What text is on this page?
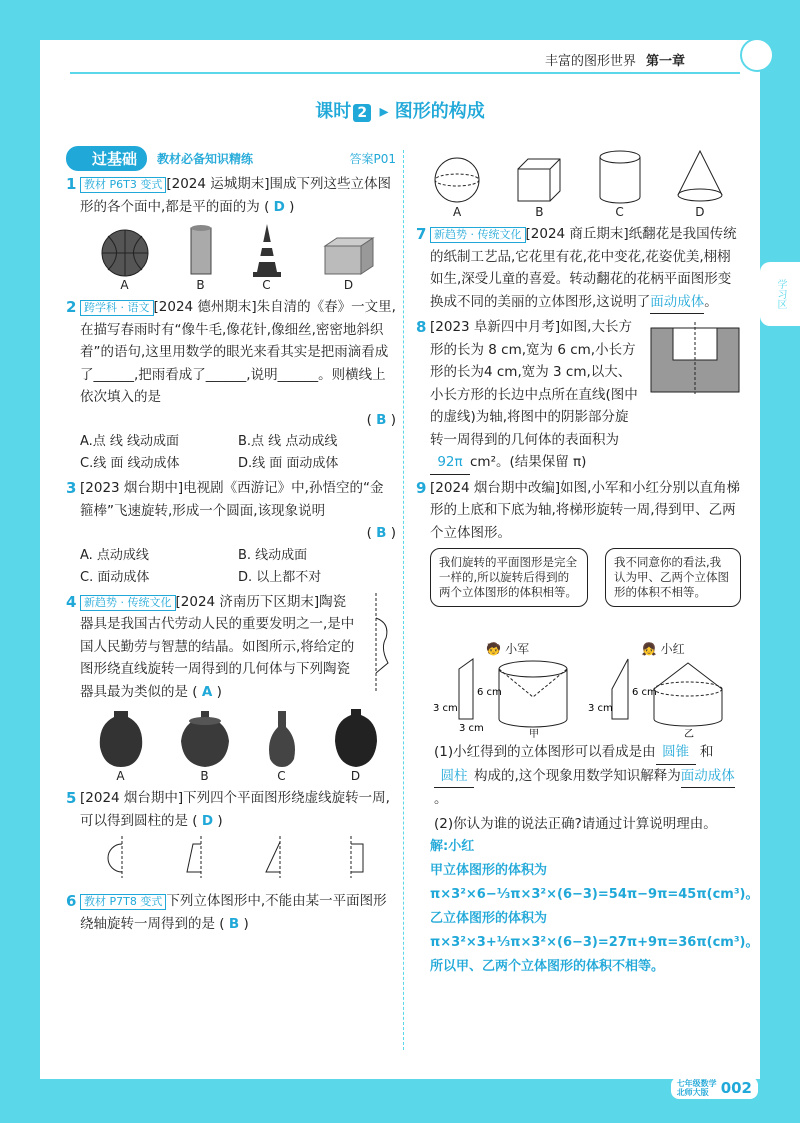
丰富的图形世界 第一章
学习区
课时 2 ▸ 图形的构成
过基础	教材必备知识精练	答案P01
1 教材 P6T3 变式 [2024 运城期末]围成下列这些立体图形的各个面中,都是平的面的为 ( D )
A	B	C	D
2 跨学科 · 语文 [2024 德州期末]朱自清的《春》一文里,在描写春雨时有“像牛毛,像花针,像细丝,密密地斜织着”的语句,这里用数学的眼光来看其实是把雨滴看成了______,把雨看成了______,说明______。则横线上依次填入的是
( B )
A.点 线 线动成面	B.点 线 点动成线
C.线 面 线动成体	D.线 面 面动成体
3 [2023 烟台期中]电视剧《西游记》中,孙悟空的“金箍棒”飞速旋转,形成一个圆面,该现象说明
( B )
A. 点动成线	B. 线动成面
C. 面动成体	D. 以上都不对
4 新趋势 · 传统文化 [2024 济南历下区期末]陶瓷器具是我国古代劳动人民的重要发明之一,是中国人民勤劳与智慧的结晶。如图所示,将给定的图形绕直线旋转一周得到的几何体与下列陶瓷器具最为类似的是 ( A )
A	B	C	D
5 [2024 烟台期中]下列四个平面图形绕虚线旋转一周,可以得到圆柱的是 ( D )
6 教材 P7T8 变式 下列立体图形中,不能由某一平面图形绕轴旋转一周得到的是 ( B )
A	B	C	D
7 新趋势 · 传统文化 [2024 商丘期末]纸翻花是我国传统的纸制工艺品,它花里有花,花中变花,花姿优美,栩栩如生,深受儿童的喜爱。转动翻花的花柄平面图形变换成不同的美丽的立体图形,这说明了面动成体。
8 [2023 阜新四中月考]如图,大长方形的长为 8 cm,宽为 6 cm,小长方形的长为4 cm,宽为 3 cm,以大、小长方形的长边中点所在直线(图中的虚线)为轴,将图中的阴影部分旋转一周得到的几何体的表面积为92π cm²。(结果保留 π)
9 [2024 烟台期中改编]如图,小军和小红分别以直角梯形的上底和下底为轴,将梯形旋转一周,得到甲、乙两个立体图形。
我们旋转的平面图形是完全一样的,所以旋转后得到的两个立体图形的体积相等。
我不同意你的看法,我认为甲、乙两个立体图形的体积不相等。
🧒 小军	👧 小红
3 cm
3 cm
6 cm
甲
3 cm
6 cm
乙
(1)小红得到的立体图形可以看成是由 圆锥 和圆柱 构成的,这个现象用数学知识解释为面动成体。
(2)你认为谁的说法正确?请通过计算说明理由。
解:小红
甲立体图形的体积为 π×3²×6−⅓π×3²×(6−3)=54π−9π=45π(cm³)。
乙立体图形的体积为 π×3²×3+⅓π×3²×(6−3)=27π+9π=36π(cm³)。
所以甲、乙两个立体图形的体积不相等。
七年级数学
北师大版 002
